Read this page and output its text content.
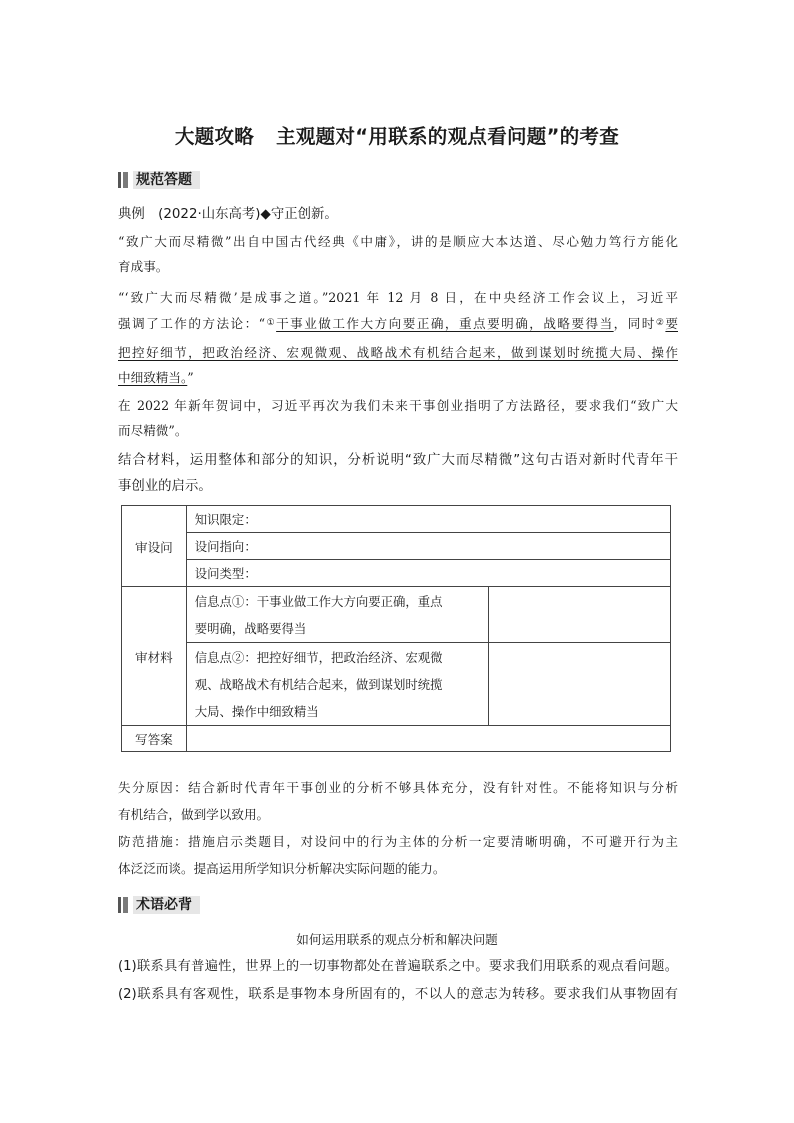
大题攻略 主观题对“用联系的观点看问题”的考查
规范答题
典例　(2022·山东高考)◆守正创新。
“致广大而尽精微”出自中国古代经典《中庸》，讲的是顺应大本达道、尽心勉力笃行方能化
育成事。
“‘致广大而尽精微’是成事之道。”2021 年 12 月 8 日，在中央经济工作会议上，习近平
强调了工作的方法论：“①干事业做工作大方向要正确，重点要明确，战略要得当，同时②要
把控好细节，把政治经济、宏观微观、战略战术有机结合起来，做到谋划时统揽大局、操作
中细致精当。”
在 2022 年新年贺词中，习近平再次为我们未来干事创业指明了方法路径，要求我们“致广大
而尽精微”。
结合材料，运用整体和部分的知识，分析说明“致广大而尽精微”这句古语对新时代青年干
事创业的启示。
审设问	知识限定：	
	设问指向：	
	设问类型：	
审材料	信息点①：干事业做工作大方向要正确，重点
要明确，战略要得当	

	信息点②：把控好细节，把政治经济、宏观微
观、战略战术有机结合起来，做到谋划时统揽
大局、操作中细致精当	

写答案		
失分原因：结合新时代青年干事创业的分析不够具体充分，没有针对性。不能将知识与分析
有机结合，做到学以致用。
防范措施：措施启示类题目，对设问中的行为主体的分析一定要清晰明确，不可避开行为主
体泛泛而谈。提高运用所学知识分析解决实际问题的能力。
术语必背
如何运用联系的观点分析和解决问题
(1)联系具有普遍性，世界上的一切事物都处在普遍联系之中。要求我们用联系的观点看问题。
(2)联系具有客观性，联系是事物本身所固有的，不以人的意志为转移。要求我们从事物固有
